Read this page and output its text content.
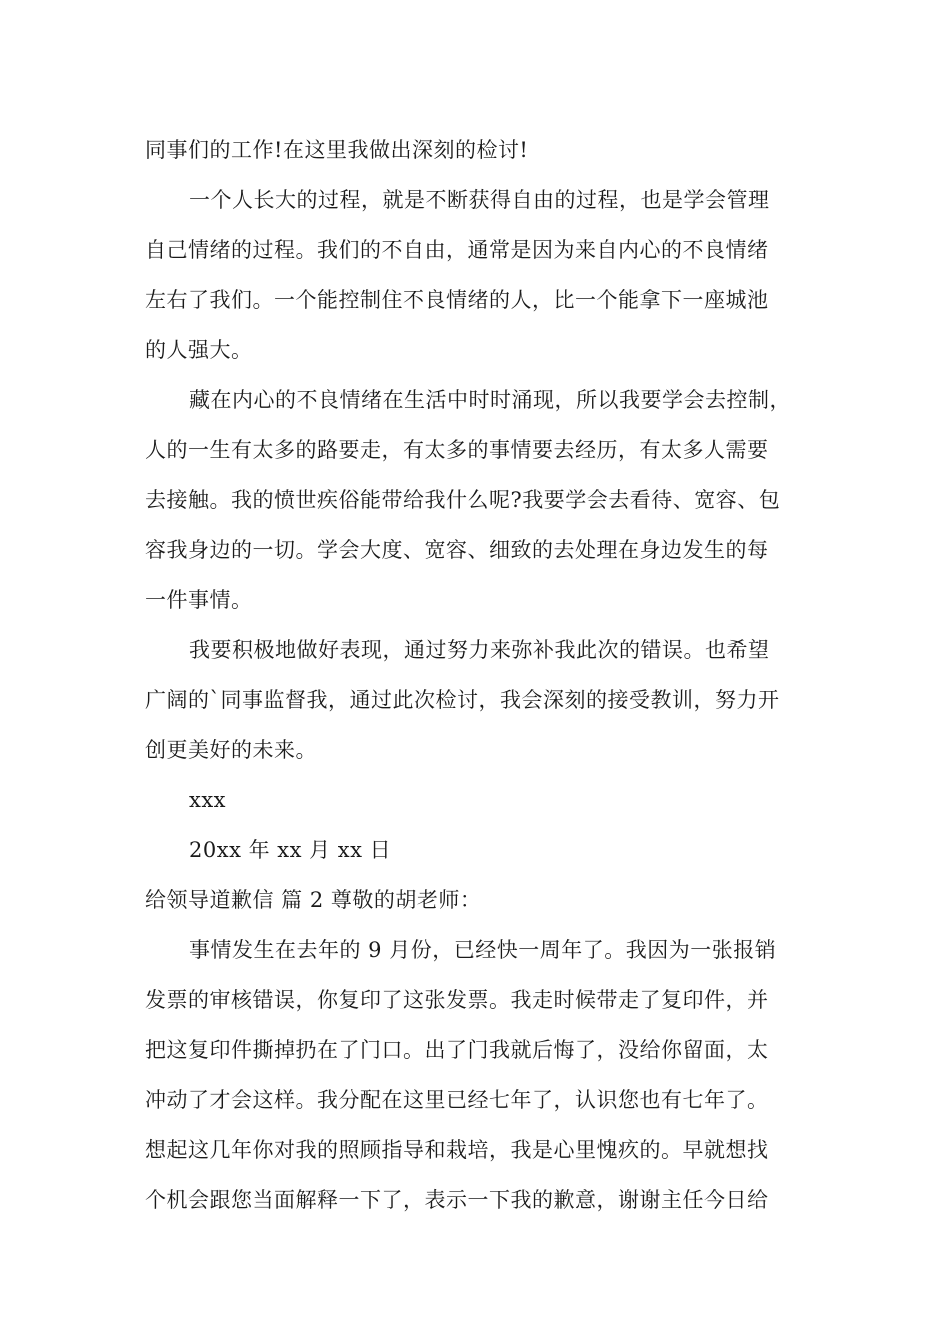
同事们的工作!在这里我做出深刻的检讨!
一个人长大的过程，就是不断获得自由的过程，也是学会管理
自己情绪的过程。我们的不自由，通常是因为来自内心的不良情绪
左右了我们。一个能控制住不良情绪的人，比一个能拿下一座城池
的人强大。
藏在内心的不良情绪在生活中时时涌现，所以我要学会去控制，
人的一生有太多的路要走，有太多的事情要去经历，有太多人需要
去接触。我的愤世疾俗能带给我什么呢?我要学会去看待、宽容、包
容我身边的一切。学会大度、宽容、细致的去处理在身边发生的每
一件事情。
我要积极地做好表现，通过努力来弥补我此次的错误。也希望
广阔的`同事监督我，通过此次检讨，我会深刻的接受教训，努力开
创更美好的未来。
xxx
20xx 年 xx 月 xx 日
给领导道歉信 篇 2 尊敬的胡老师：
事情发生在去年的 9 月份，已经快一周年了。我因为一张报销
发票的审核错误，你复印了这张发票。我走时候带走了复印件，并
把这复印件撕掉扔在了门口。出了门我就后悔了，没给你留面，太
冲动了才会这样。我分配在这里已经七年了，认识您也有七年了。
想起这几年你对我的照顾指导和栽培，我是心里愧疚的。早就想找
个机会跟您当面解释一下了，表示一下我的歉意，谢谢主任今日给
